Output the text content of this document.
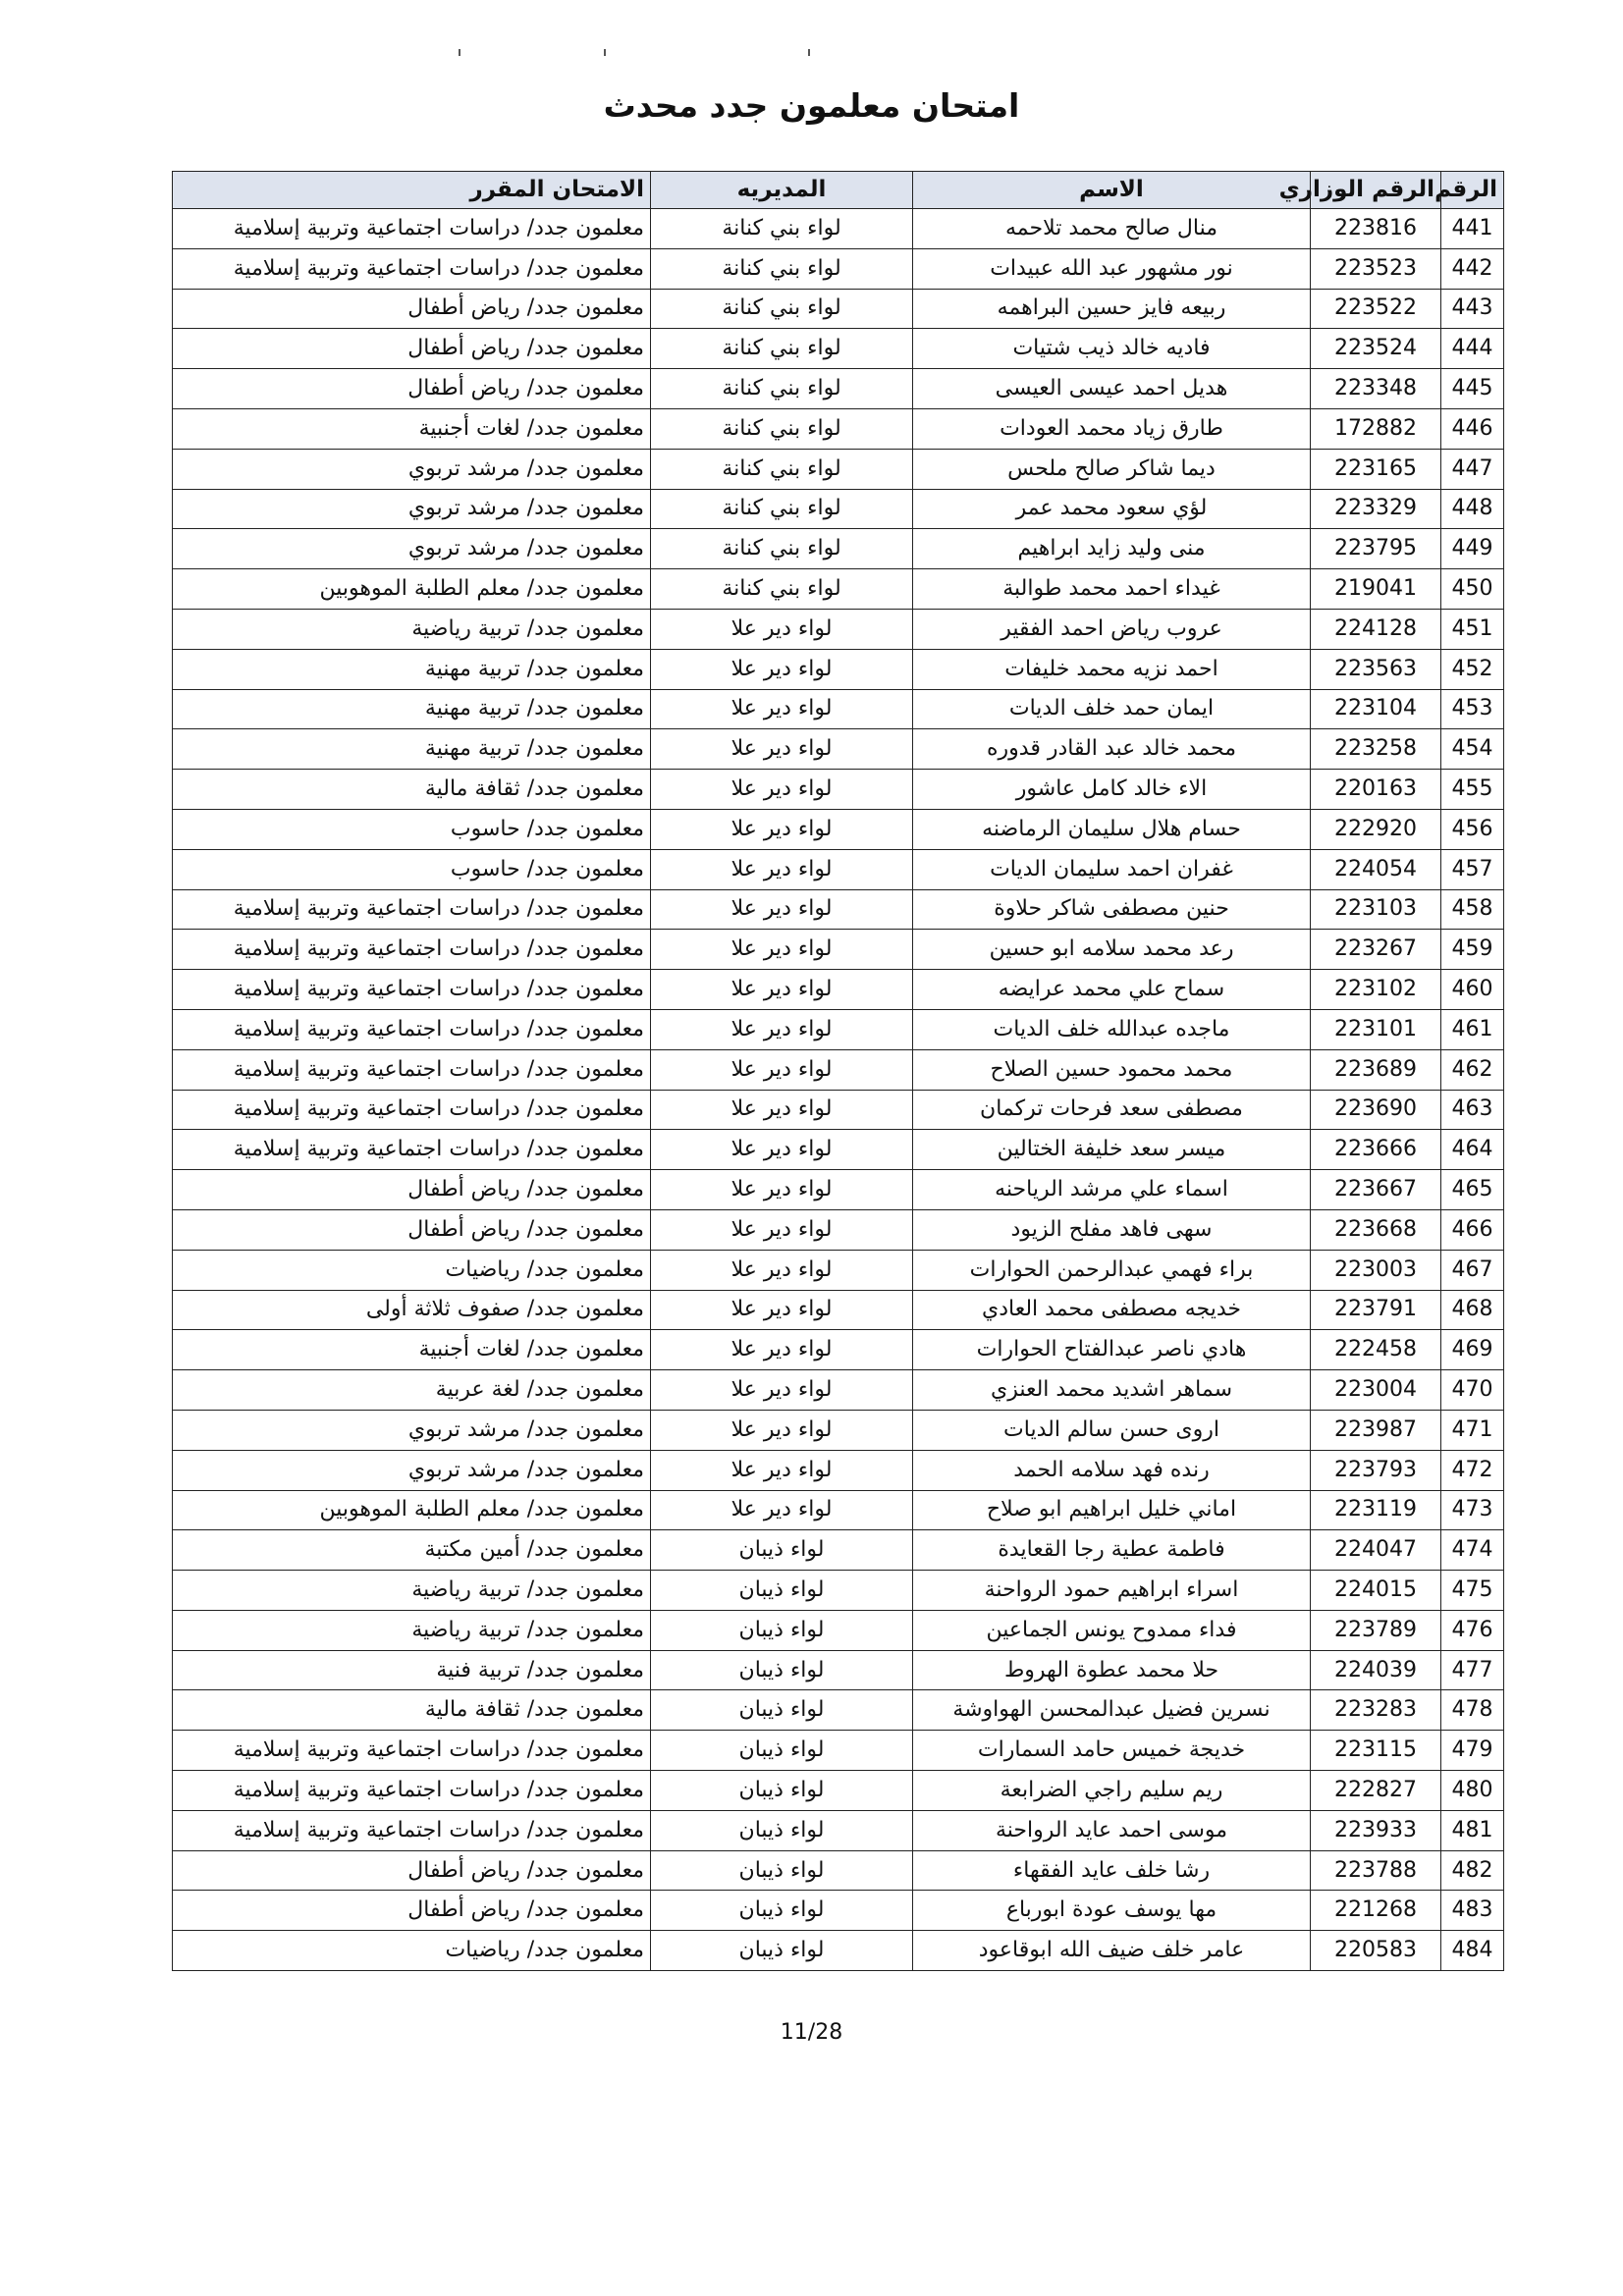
امتحان معلمون جدد محدث
الرقم	الرقم الوزاري	الاسم	المديريه	الامتحان المقرر
441	223816	منال صالح محمد تلاحمه	لواء بني كنانة	معلمون جدد/ دراسات اجتماعية وتربية إسلامية
442	223523	نور مشهور عبد الله عبيدات	لواء بني كنانة	معلمون جدد/ دراسات اجتماعية وتربية إسلامية
443	223522	ربيعه فايز حسين البراهمه	لواء بني كنانة	معلمون جدد/ رياض أطفال
444	223524	فاديه خالد ذيب شتيات	لواء بني كنانة	معلمون جدد/ رياض أطفال
445	223348	هديل احمد عيسى العيسى	لواء بني كنانة	معلمون جدد/ رياض أطفال
446	172882	طارق زياد محمد العودات	لواء بني كنانة	معلمون جدد/ لغات أجنبية
447	223165	ديما شاكر صالح ملحس	لواء بني كنانة	معلمون جدد/ مرشد تربوي
448	223329	لؤي سعود محمد عمر	لواء بني كنانة	معلمون جدد/ مرشد تربوي
449	223795	منى وليد زايد ابراهيم	لواء بني كنانة	معلمون جدد/ مرشد تربوي
450	219041	غيداء احمد محمد طوالبة	لواء بني كنانة	معلمون جدد/ معلم الطلبة الموهوبين
451	224128	عروب رياض احمد الفقير	لواء دير علا	معلمون جدد/ تربية رياضية
452	223563	احمد نزيه محمد خليفات	لواء دير علا	معلمون جدد/ تربية مهنية
453	223104	ايمان حمد خلف الديات	لواء دير علا	معلمون جدد/ تربية مهنية
454	223258	محمد خالد عبد القادر قدوره	لواء دير علا	معلمون جدد/ تربية مهنية
455	220163	الاء خالد كامل عاشور	لواء دير علا	معلمون جدد/ ثقافة مالية
456	222920	حسام هلال سليمان الرماضنه	لواء دير علا	معلمون جدد/ حاسوب
457	224054	غفران احمد سليمان الديات	لواء دير علا	معلمون جدد/ حاسوب
458	223103	حنين مصطفى شاكر حلاوة	لواء دير علا	معلمون جدد/ دراسات اجتماعية وتربية إسلامية
459	223267	رعد محمد سلامه ابو حسين	لواء دير علا	معلمون جدد/ دراسات اجتماعية وتربية إسلامية
460	223102	سماح علي محمد عرايضه	لواء دير علا	معلمون جدد/ دراسات اجتماعية وتربية إسلامية
461	223101	ماجده عبدالله خلف الديات	لواء دير علا	معلمون جدد/ دراسات اجتماعية وتربية إسلامية
462	223689	محمد محمود حسين الصلاح	لواء دير علا	معلمون جدد/ دراسات اجتماعية وتربية إسلامية
463	223690	مصطفى سعد فرحات تركمان	لواء دير علا	معلمون جدد/ دراسات اجتماعية وتربية إسلامية
464	223666	ميسر سعد خليفة الختالين	لواء دير علا	معلمون جدد/ دراسات اجتماعية وتربية إسلامية
465	223667	اسماء علي مرشد الرياحنه	لواء دير علا	معلمون جدد/ رياض أطفال
466	223668	سهى فاهد مفلح الزيود	لواء دير علا	معلمون جدد/ رياض أطفال
467	223003	براء فهمي عبدالرحمن الحوارات	لواء دير علا	معلمون جدد/ رياضيات
468	223791	خديجه مصطفى محمد العادي	لواء دير علا	معلمون جدد/ صفوف ثلاثة أولى
469	222458	هادي ناصر عبدالفتاح الحوارات	لواء دير علا	معلمون جدد/ لغات أجنبية
470	223004	سماهر اشديد محمد العنزي	لواء دير علا	معلمون جدد/ لغة عربية
471	223987	اروى حسن سالم الديات	لواء دير علا	معلمون جدد/ مرشد تربوي
472	223793	رنده فهد سلامه الحمد	لواء دير علا	معلمون جدد/ مرشد تربوي
473	223119	اماني خليل ابراهيم ابو صلاح	لواء دير علا	معلمون جدد/ معلم الطلبة الموهوبين
474	224047	فاطمة عطية رجا القعايدة	لواء ذيبان	معلمون جدد/ أمين مكتبة
475	224015	اسراء ابراهيم حمود الرواحنة	لواء ذيبان	معلمون جدد/ تربية رياضية
476	223789	فداء ممدوح يونس الجماعين	لواء ذيبان	معلمون جدد/ تربية رياضية
477	224039	حلا محمد عطوة الهروط	لواء ذيبان	معلمون جدد/ تربية فنية
478	223283	نسرين فضيل عبدالمحسن الهواوشة	لواء ذيبان	معلمون جدد/ ثقافة مالية
479	223115	خديجة خميس حامد السمارات	لواء ذيبان	معلمون جدد/ دراسات اجتماعية وتربية إسلامية
480	222827	ريم سليم راجي الضرابعة	لواء ذيبان	معلمون جدد/ دراسات اجتماعية وتربية إسلامية
481	223933	موسى احمد عايد الرواحنة	لواء ذيبان	معلمون جدد/ دراسات اجتماعية وتربية إسلامية
482	223788	رشا خلف عايد الفقهاء	لواء ذيبان	معلمون جدد/ رياض أطفال
483	221268	مها يوسف عودة ابورباع	لواء ذيبان	معلمون جدد/ رياض أطفال
484	220583	عامر خلف ضيف الله ابوقاعود	لواء ذيبان	معلمون جدد/ رياضيات
11/28
